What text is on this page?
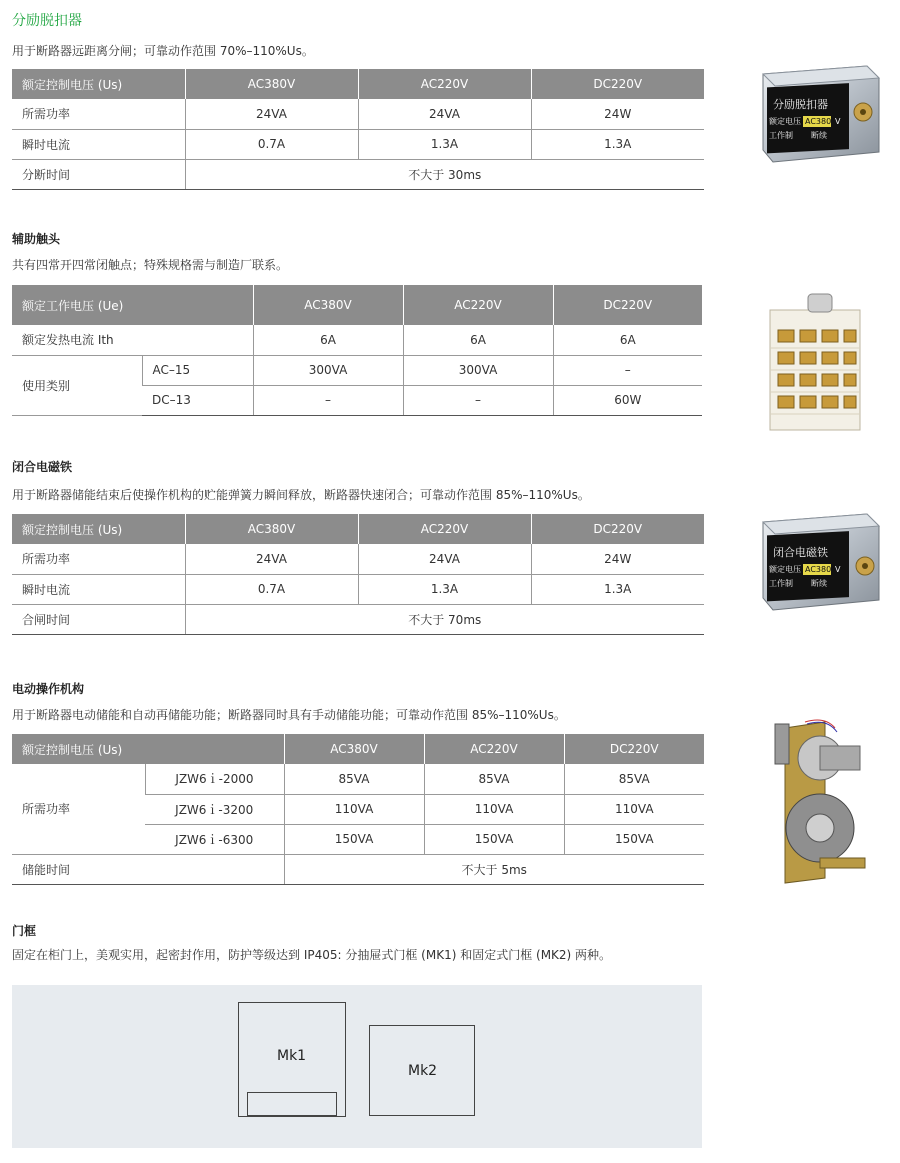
分励脱扣器
用于断路器远距离分闸；可靠动作范围 70%–110%Us。
额定控制电压 (Us)	AC380V	AC220V	DC220V
所需功率	24VA	24VA	24W
瞬时电流	0.7A	1.3A	1.3A
分断时间	不大于 30ms		
分励脱扣器
额定电压 AC380 V
工作制 断续
辅助触头
共有四常开四常闭触点；特殊规格需与制造厂联系。
额定工作电压 (Ue)		AC380V	AC220V	DC220V
额定发热电流 Ith		6A	6A	6A
使用类别	AC–15	300VA	300VA	–
	DC–13	–	–	60W
闭合电磁铁
用于断路器储能结束后使操作机构的贮能弹簧力瞬间释放，断路器快速闭合；可靠动作范围 85%–110%Us。
额定控制电压 (Us)	AC380V	AC220V	DC220V
所需功率	24VA	24VA	24W
瞬时电流	0.7A	1.3A	1.3A
合闸时间	不大于 70ms		
闭合电磁铁
额定电压 AC380 V
工作制 断续
电动操作机构
用于断路器电动储能和自动再储能功能；断路器同时具有手动储能功能；可靠动作范围 85%–110%Us。
额定控制电压 (Us)		AC380V	AC220V	DC220V
所需功率	JZW6ｉ-2000	85VA	85VA	85VA
	JZW6ｉ-3200	110VA	110VA	110VA
	JZW6ｉ-6300	150VA	150VA	150VA
储能时间		不大于 5ms		
门框
固定在柜门上，美观实用，起密封作用，防护等级达到 IP405: 分抽屉式门框 (MK1) 和固定式门框 (MK2) 两种。
Mk1
Mk2
